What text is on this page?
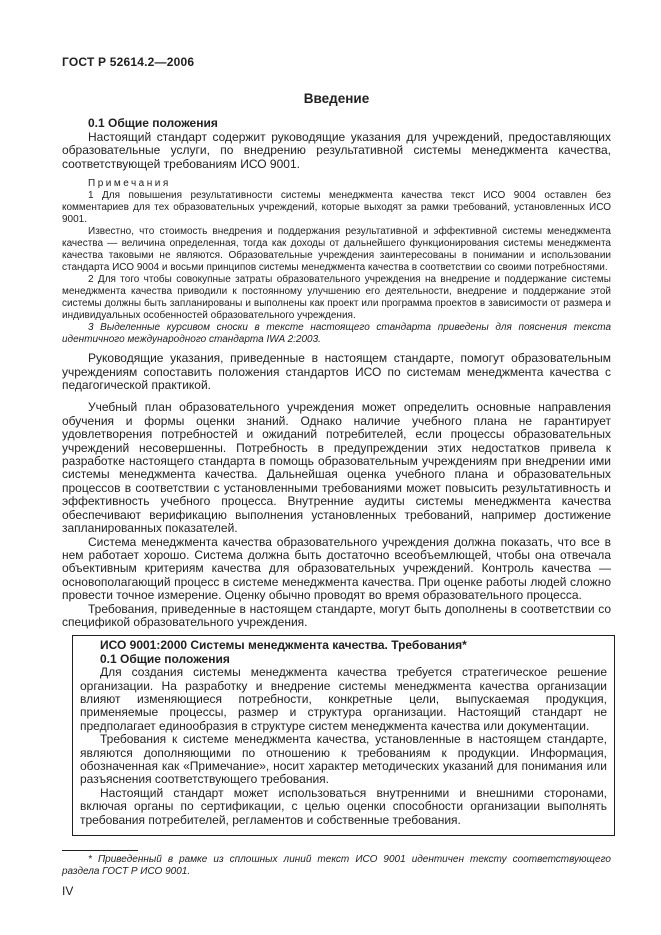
ГОСТ Р 52614.2—2006
Введение
0.1 Общие положения

Настоящий стандарт содержит руководящие указания для учреждений, предоставляющих образовательные услуги, по внедрению результативной системы менеджмента качества, соответствующей требованиям ИСО 9001.

Примечания

1 Для повышения результативности системы менеджмента качества текст ИСО 9004 оставлен без комментариев для тех образовательных учреждений, которые выходят за рамки требований, установленных ИСО 9001.

Известно, что стоимость внедрения и поддержания результативной и эффективной системы менеджмента качества — величина определенная, тогда как доходы от дальнейшего функционирования системы менеджмента качества таковыми не являются. Образовательные учреждения заинтересованы в понимании и использовании стандарта ИСО 9004 и восьми принципов системы менеджмента качества в соответствии со своими потребностями.

2 Для того чтобы совокупные затраты образовательного учреждения на внедрение и поддержание системы менеджмента качества приводили к постоянному улучшению его деятельности, внедрение и поддержание этой системы должны быть запланированы и выполнены как проект или программа проектов в зависимости от размера и индивидуальных особенностей образовательного учреждения.

3 Выделенные курсивом сноски в тексте настоящего стандарта приведены для пояснения текста идентичного международного стандарта IWA 2:2003.

Руководящие указания, приведенные в настоящем стандарте, помогут образовательным учреждениям сопоставить положения стандартов ИСО по системам менеджмента качества с педагогической практикой.

Учебный план образовательного учреждения может определить основные направления обучения и формы оценки знаний. Однако наличие учебного плана не гарантирует удовлетворения потребностей и ожиданий потребителей, если процессы образовательных учреждений несовершенны. Потребность в предупреждении этих недостатков привела к разработке настоящего стандарта в помощь образовательным учреждениям при внедрении ими системы менеджмента качества. Дальнейшая оценка учебного плана и образовательных процессов в соответствии с установленными требованиями может повысить результативность и эффективность учебного процесса. Внутренние аудиты системы менеджмента качества обеспечивают верификацию выполнения установленных требований, например достижение запланированных показателей.

Система менеджмента качества образовательного учреждения должна показать, что все в нем работает хорошо. Система должна быть достаточно всеобъемлющей, чтобы она отвечала объективным критериям качества для образовательных учреждений. Контроль качества — основополагающий процесс в системе менеджмента качества. При оценке работы людей сложно провести точное измерение. Оценку обычно проводят во время образовательного процесса.

Требования, приведенные в настоящем стандарте, могут быть дополнены в соответствии со спецификой образовательного учреждения.

ИСО 9001:2000 Системы менеджмента качества. Требования*
0.1 Общие положения

Для создания системы менеджмента качества требуется стратегическое решение организации. На разработку и внедрение системы менеджмента качества организации влияют изменяющиеся потребности, конкретные цели, выпускаемая продукция, применяемые процессы, размер и структура организации. Настоящий стандарт не предполагает единообразия в структуре систем менеджмента качества или документации.

Требования к системе менеджмента качества, установленные в настоящем стандарте, являются дополняющими по отношению к требованиям к продукции. Информация, обозначенная как «Примечание», носит характер методических указаний для понимания или разъяснения соответствующего требования.

Настоящий стандарт может использоваться внутренними и внешними сторонами, включая органы по сертификации, с целью оценки способности организации выполнять требования потребителей, регламентов и собственные требования.

* Приведенный в рамке из сплошных линий текст ИСО 9001 идентичен тексту соответствующего раздела ГОСТ Р ИСО 9001.

IV
